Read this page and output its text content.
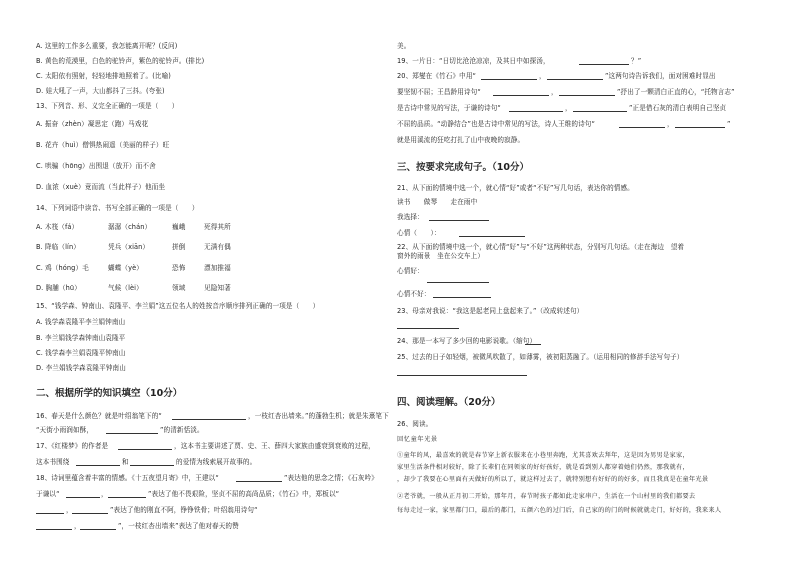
A. 这里的工作多么重要，我怎能离开呢？(反问)
B. 黄色的荒漠里，白色的驼铃声，紫色的驼铃声。(排比)
C. 太阳依有照射，轻轻地排地照着了。(比喻)
D. 娃大吼了一声，大山都抖了三抖。(夸张)
13、下列音、形、义完全正确的一项是（　　）
A. 振奋（zhèn）凝思定（跑）马戏花
B. 花卉（huì）僧惧热闹遥（美丽的样子）旺
C. 哄骗（hōng）出围退（放开）而不舍
D. 血浓（xuè）竟而流（当此样子）他而坐
14、下列词语中读音、书写全部正确的一项是（　　）
A. 木筏（fá）	潺潺（chán）	巍峨	死得其所
B. 降临（lín）	凭兵（xiān）	拼倒	无满有偶
C. 鸡（hóng）毛	蝴蝶（yè）	恐怖	漂加推福
D. 胸脯（hū）	气候（lèi）	领域	见隐知著
15、“钱学森、钟南山、袁隆平、李兰娟”这五位名人的姓按音序顺序排列正确的一项是（　　）
A. 钱学森袁隆平李兰娟钟南山
B. 李兰娟钱学森钟南山袁隆平
C. 钱学森李兰娟袁隆平钟南山
D. 李兰娟钱学森袁隆平钟南山
二、根据所学的知识填空（10分）
16、春天是什么颜色？就是叶绍翁笔下的“	，一枝红杏出墙来。”的蓬勃生机；就是朱熹笔下
“天街小雨润如酥，	”的清新恬淡。
17、《红楼梦》的作者是	，这本书主要讲述了贾、史、王、薛四大家族由盛衰到衰败的过程，
这本书围绕	和	的爱情为线索展开故事的。
18、诗词里蕴含着丰富的情感。《十五夜望月寄》中，王建以“	”表达他的思念之情；《石灰吟》
于谦以“	，	”表达了他不畏艰险，坚贞不屈的高尚品质；《竹石》中，郑板以“
，	”表达了他的刚直不阿，铮铮铁骨；叶绍翁用诗句“
，	”，一枝红杏出墙来”表达了他对春天的赞
美。
19、一片日：“日切比沧沧凉凉，及其日中如探汤，	？”
20、郑燮在《竹石》中用“	，	”这两句诗告诉我们，面对困难时显出
要坚韧不屈；王昌龄用诗句“	，	”抒出了一颗清白正直的心，“托物言志”
是古诗中常见的写法，于谦的诗句“	，	”正是借石灰的清白表明自己坚贞
不屈的品质。“动静结合”也是古诗中常见的写法，诗人王维的诗句“	，	”
就是用溪流的狂吃打扎了山中夜晚的寂静。
三、按要求完成句子。（10分）
21、从下面的情境中选一个，就心情“好”或者“不好”写几句话，表达你的情感。
读书　　做琴　　走在雨中
我选择：
心情（　　）：
22、从下面的情境中选一个，就心情“好”与“不好”这两种状态，分别写几句话。（走在海边　望着
窗外的雨景　坐在公交车上）
心情好：
心情不好：
23、母亲对我说：“我这是起老同上盘起来了。”（改成转述句）
24、那是一本写了多少回的电影说歌。（缩句）
25、过去的日子如轻烟，被微风吹散了，如薄雾，被初阳蒸融了。（运用相同的修辞手法写句子）
四、阅读理解。（20分）
26、阅读。
回忆童年光景
①童年的风，最喜欢的就是春节穿上新衣服来在小巷里奔跑，尤其喜欢去拜年，这是因为男男是家家，
家里生活条件相对较好，除了长辈们在同领家的好好孩好，就是看到别人都穿着她们仍然，那我就有，
，却少了我要在心里面有天做好的所以了，就这样过去了，就特别想有好好的的好多，而且我真是在童年光景
②老爷就，一般从正月初二开始，那年月，春节时孩子都如此走家串户，生活在一个山村里的我们都要去
每每走过一家，家里都门口，最后的都门，五颜六色的过门后，自己家的的门的时候就就走门，好好的，我来来人
